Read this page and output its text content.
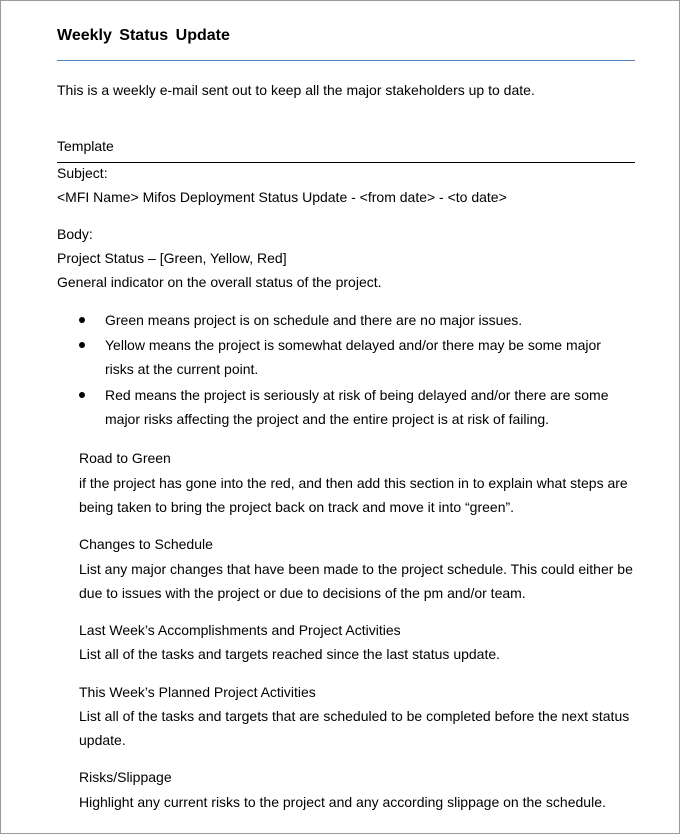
Weekly Status Update
This is a weekly e-mail sent out to keep all the major stakeholders up to date.
Template
Subject:
<MFI Name> Mifos Deployment Status Update - <from date> - <to date>
Body:
Project Status – [Green, Yellow, Red]
General indicator on the overall status of the project.
Green means project is on schedule and there are no major issues.
Yellow means the project is somewhat delayed and/or there may be some major
risks at the current point.
Red means the project is seriously at risk of being delayed and/or there are some
major risks affecting the project and the entire project is at risk of failing.
Road to Green
if the project has gone into the red, and then add this section in to explain what steps are
being taken to bring the project back on track and move it into “green”.
Changes to Schedule
List any major changes that have been made to the project schedule. This could either be
due to issues with the project or due to decisions of the pm and/or team.
Last Week’s Accomplishments and Project Activities
List all of the tasks and targets reached since the last status update.
This Week’s Planned Project Activities
List all of the tasks and targets that are scheduled to be completed before the next status
update.
Risks/Slippage
Highlight any current risks to the project and any according slippage on the schedule.
